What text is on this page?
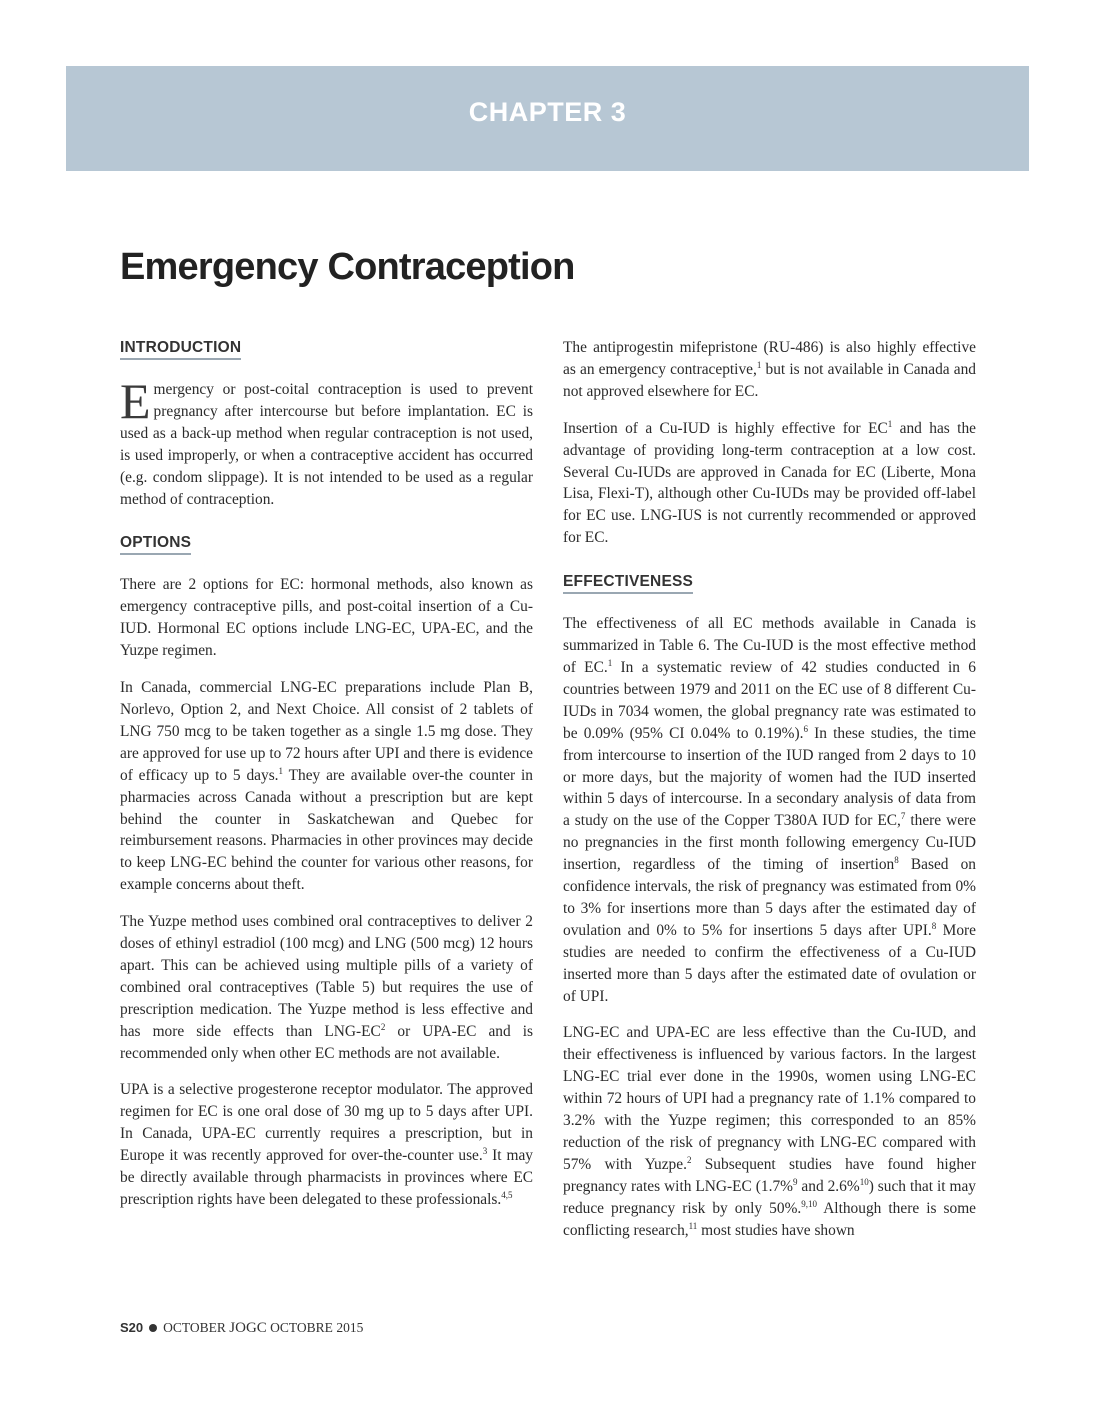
CHAPTER 3
Emergency Contraception
INTRODUCTION

Emergency or post-coital contraception is used to prevent pregnancy after intercourse but before implantation. EC is used as a back-up method when regular contraception is not used, is used improperly, or when a contraceptive accident has occurred (e.g. condom slippage). It is not intended to be used as a regular method of contraception.

OPTIONS

There are 2 options for EC: hormonal methods, also known as emergency contraceptive pills, and post-coital insertion of a Cu-IUD. Hormonal EC options include LNG-EC, UPA-EC, and the Yuzpe regimen.

In Canada, commercial LNG-EC preparations include Plan B, Norlevo, Option 2, and Next Choice. All consist of 2 tablets of LNG 750 mcg to be taken together as a single 1.5 mg dose. They are approved for use up to 72 hours after UPI and there is evidence of efficacy up to 5 days.$^1$ They are available over-the counter in pharmacies across Canada without a prescription but are kept behind the counter in Saskatchewan and Quebec for reimbursement reasons. Pharmacies in other provinces may decide to keep LNG-EC behind the counter for various other reasons, for example concerns about theft.

The Yuzpe method uses combined oral contraceptives to deliver 2 doses of ethinyl estradiol (100 mcg) and LNG (500 mcg) 12 hours apart. This can be achieved using multiple pills of a variety of combined oral contraceptives (Table 5) but requires the use of prescription medication. The Yuzpe method is less effective and has more side effects than LNG-$EC^2$ or UPA-EC and is recommended only when other EC methods are not available.

UPA is a selective progesterone receptor modulator. The approved regimen for EC is one oral dose of 30 mg up to 5 days after UPI. In Canada, UPA-EC currently requires a prescription, but in Europe it was recently approved for over-the-counter use.$^3$ It may be directly available through pharmacists in provinces where EC prescription rights have been delegated to these professionals.$^{4,5}$

The antiprogestin mifepristone (RU-486) is also highly effective as an emergency contraceptive,$^1$ but is not available in Canada and not approved elsewhere for EC.

Insertion of a Cu-IUD is highly effective for $EC^1$ and has the advantage of providing long-term contraception at a low cost. Several Cu-IUDs are approved in Canada for EC (Liberte, Mona Lisa, Flexi-T), although other Cu-IUDs may be provided off-label for EC use. LNG-IUS is not currently recommended or approved for EC.

EFFECTIVENESS

The effectiveness of all EC methods available in Canada is summarized in Table 6. The Cu-IUD is the most effective method of EC.$^1$ In a systematic review of 42 studies conducted in 6 countries between 1979 and 2011 on the EC use of 8 different Cu-IUDs in 7034 women, the global pregnancy rate was estimated to be 0.09% (95% CI 0.04% to 0.19%).$^6$ In these studies, the time from intercourse to insertion of the IUD ranged from 2 days to 10 or more days, but the majority of women had the IUD inserted within 5 days of intercourse. In a secondary analysis of data from a study on the use of the Copper T380A IUD for EC,$^7$ there were no pregnancies in the first month following emergency Cu-IUD insertion, regardless of the timing of insertion$^8$ Based on confidence intervals, the risk of pregnancy was estimated from 0% to 3% for insertions more than 5 days after the estimated day of ovulation and 0% to 5% for insertions 5 days after UPI.$^8$ More studies are needed to confirm the effectiveness of a Cu-IUD inserted more than 5 days after the estimated date of ovulation or of UPI.

LNG-EC and UPA-EC are less effective than the Cu-IUD, and their effectiveness is influenced by various factors. In the largest LNG-EC trial ever done in the 1990s, women using LNG-EC within 72 hours of UPI had a pregnancy rate of 1.1% compared to 3.2% with the Yuzpe regimen; this corresponded to an 85% reduction of the risk of pregnancy with LNG-EC compared with 57% with Yuzpe.$^2$ Subsequent studies have found higher pregnancy rates with LNG-EC (1.7%$^9$ and 2.6%$^{10}$) such that it may reduce pregnancy risk by only 50%.$^{9,10}$ Although there is some conflicting research,$^{11}$ most studies have shown

S20 OCTOBER JOGC OCTOBRE 2015
